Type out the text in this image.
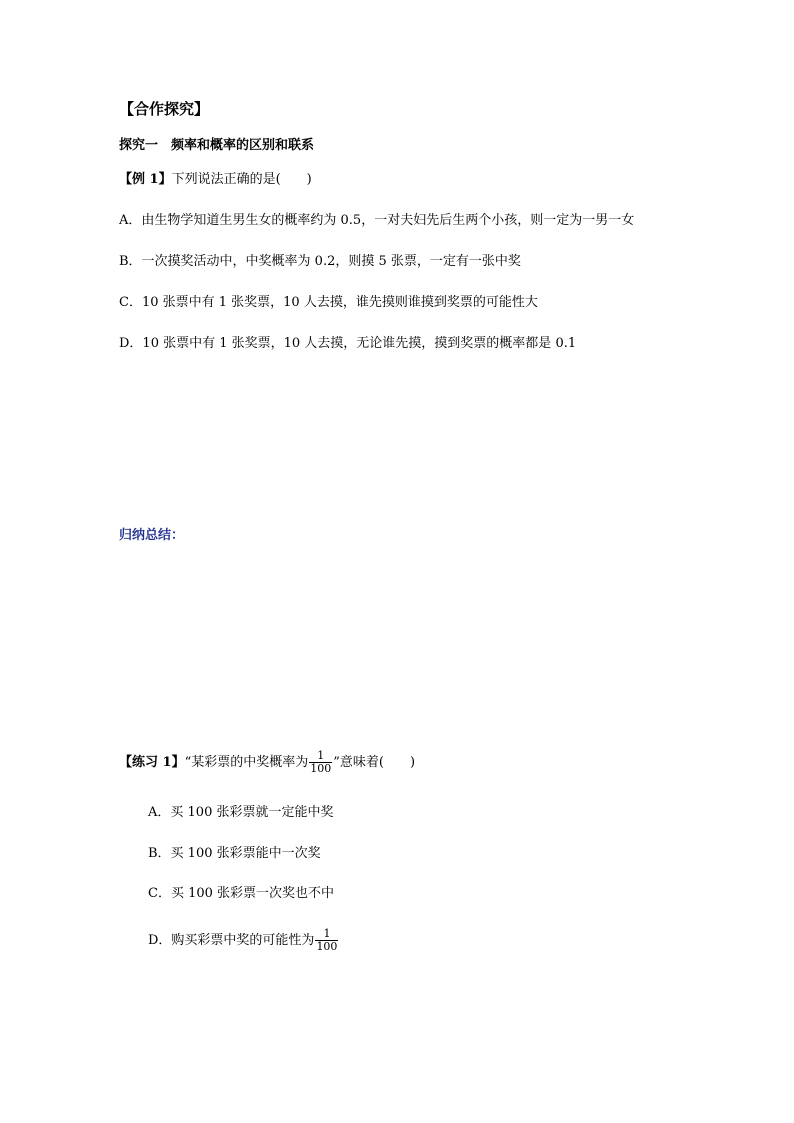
【合作探究】
探究一　频率和概率的区别和联系
【例 1】下列说法正确的是( )
A．由生物学知道生男生女的概率约为 0.5，一对夫妇先后生两个小孩，则一定为一男一女
B．一次摸奖活动中，中奖概率为 0.2，则摸 5 张票，一定有一张中奖
C．10 张票中有 1 张奖票，10 人去摸，谁先摸则谁摸到奖票的可能性大
D．10 张票中有 1 张奖票，10 人去摸，无论谁先摸，摸到奖票的概率都是 0.1
归纳总结：
【练习 1】“某彩票的中奖概率为 $\frac{1}{100}$ ”意味着( )
A．买 100 张彩票就一定能中奖
B．买 100 张彩票能中一次奖
C．买 100 张彩票一次奖也不中
D．购买彩票中奖的可能性为 $\frac{1}{100}$
